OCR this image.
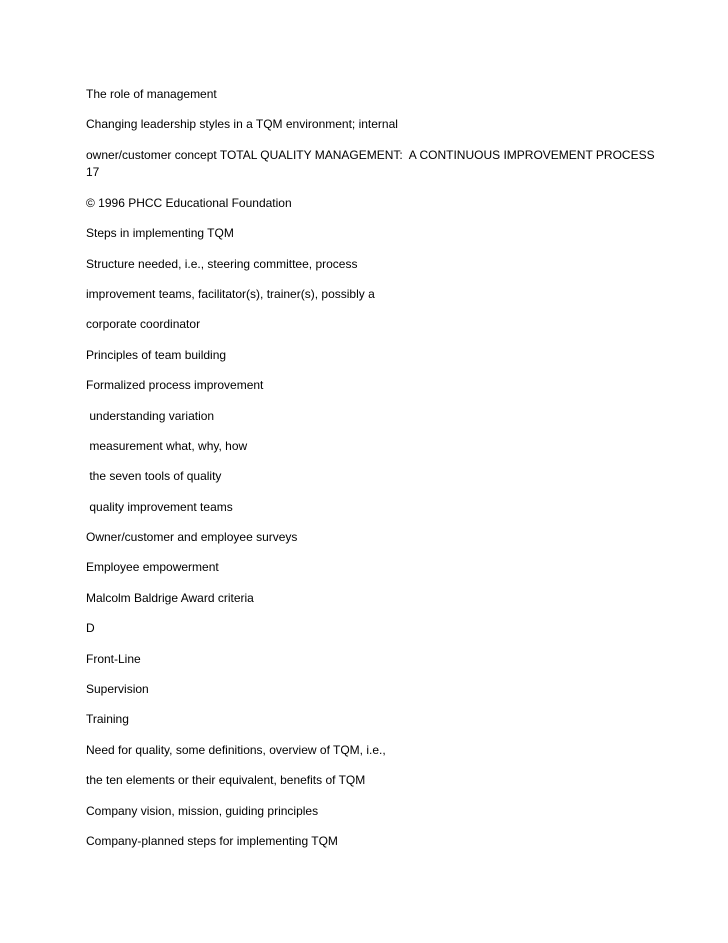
The role of management
Changing leadership styles in a TQM environment; internal
owner/customer concept TOTAL QUALITY MANAGEMENT:  A CONTINUOUS IMPROVEMENT PROCESS
17
© 1996 PHCC Educational Foundation
Steps in implementing TQM
Structure needed, i.e., steering committee, process
improvement teams, facilitator(s), trainer(s), possibly a
corporate coordinator
Principles of team building
Formalized process improvement
understanding variation
measurement what, why, how
the seven tools of quality
quality improvement teams
Owner/customer and employee surveys
Employee empowerment
Malcolm Baldrige Award criteria
D
Front-Line
Supervision
Training
Need for quality, some definitions, overview of TQM, i.e.,
the ten elements or their equivalent, benefits of TQM
Company vision, mission, guiding principles
Company-planned steps for implementing TQM
